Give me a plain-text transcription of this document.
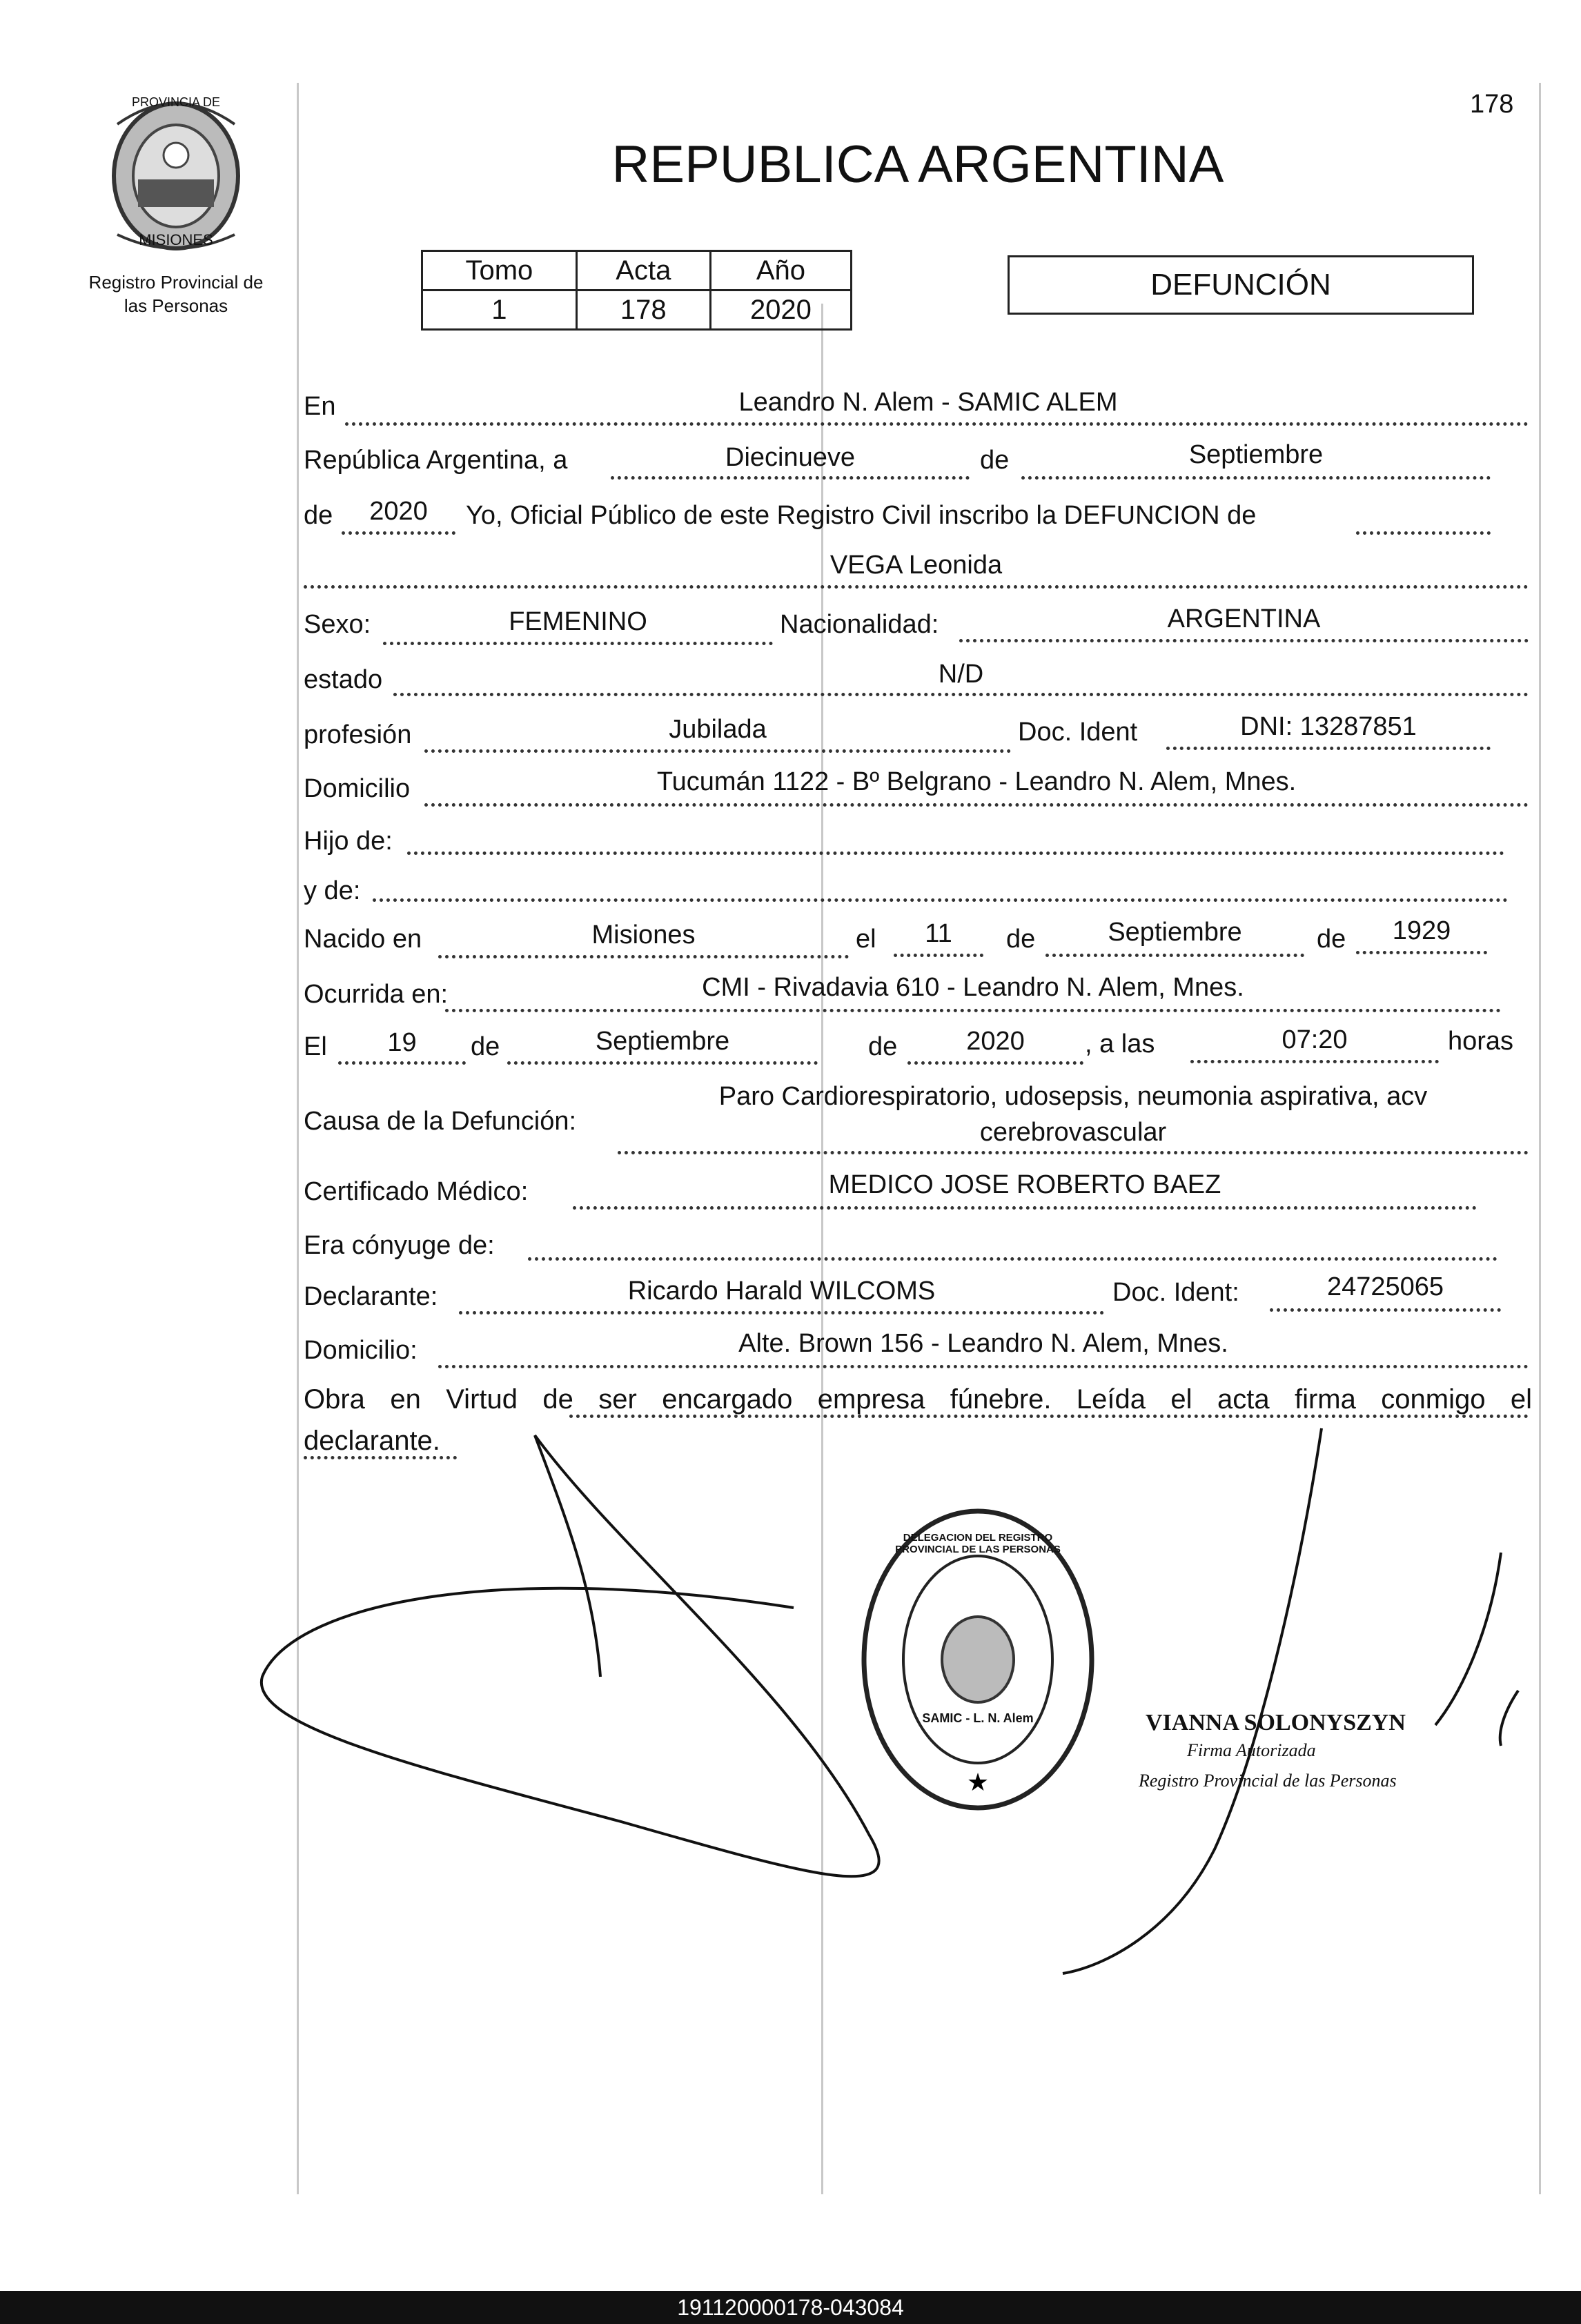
PROVINCIA DE
MISIONES
Registro Provincial de
las Personas
178
REPUBLICA ARGENTINA
Tomo	Acta	Año
1	178	2020
DEFUNCIÓN
En	Leandro N. Alem - SAMIC ALEM
República Argentina, a	Diecinueve	de	Septiembre
de	2020	Yo, Oficial Público de este Registro Civil inscribo la DEFUNCION de
VEGA Leonida
Sexo:	FEMENINO	Nacionalidad:	ARGENTINA
estado	N/D
profesión	Jubilada	Doc. Ident	DNI: 13287851
Domicilio	Tucumán 1122 - Bº Belgrano - Leandro N. Alem, Mnes.
Hijo de:
y de:
Nacido en	Misiones	el	11	de	Septiembre	de	1929
Ocurrida en:	CMI - Rivadavia 610 - Leandro N. Alem, Mnes.
El	19	de	Septiembre	de	2020	, a las	07:20	horas
Causa de la Defunción:
Paro Cardiorespiratorio, udosepsis, neumonia aspirativa, acv
cerebrovascular
Certificado Médico:	MEDICO JOSE ROBERTO BAEZ
Era cónyuge de:
Declarante:	Ricardo Harald WILCOMS	Doc. Ident:	24725065
Domicilio:	Alte. Brown 156 - Leandro N. Alem, Mnes.
Obra en Virtud de ser encargado empresa fúnebre. Leída el acta firma conmigo el
declarante.
★
DELEGACION DEL REGISTRO PROVINCIAL DE LAS PERSONAS
SAMIC - L. N. Alem	VIANNA SOLONYSZYN
Firma Autorizada
Registro Provincial de las Personas
191120000178-043084
